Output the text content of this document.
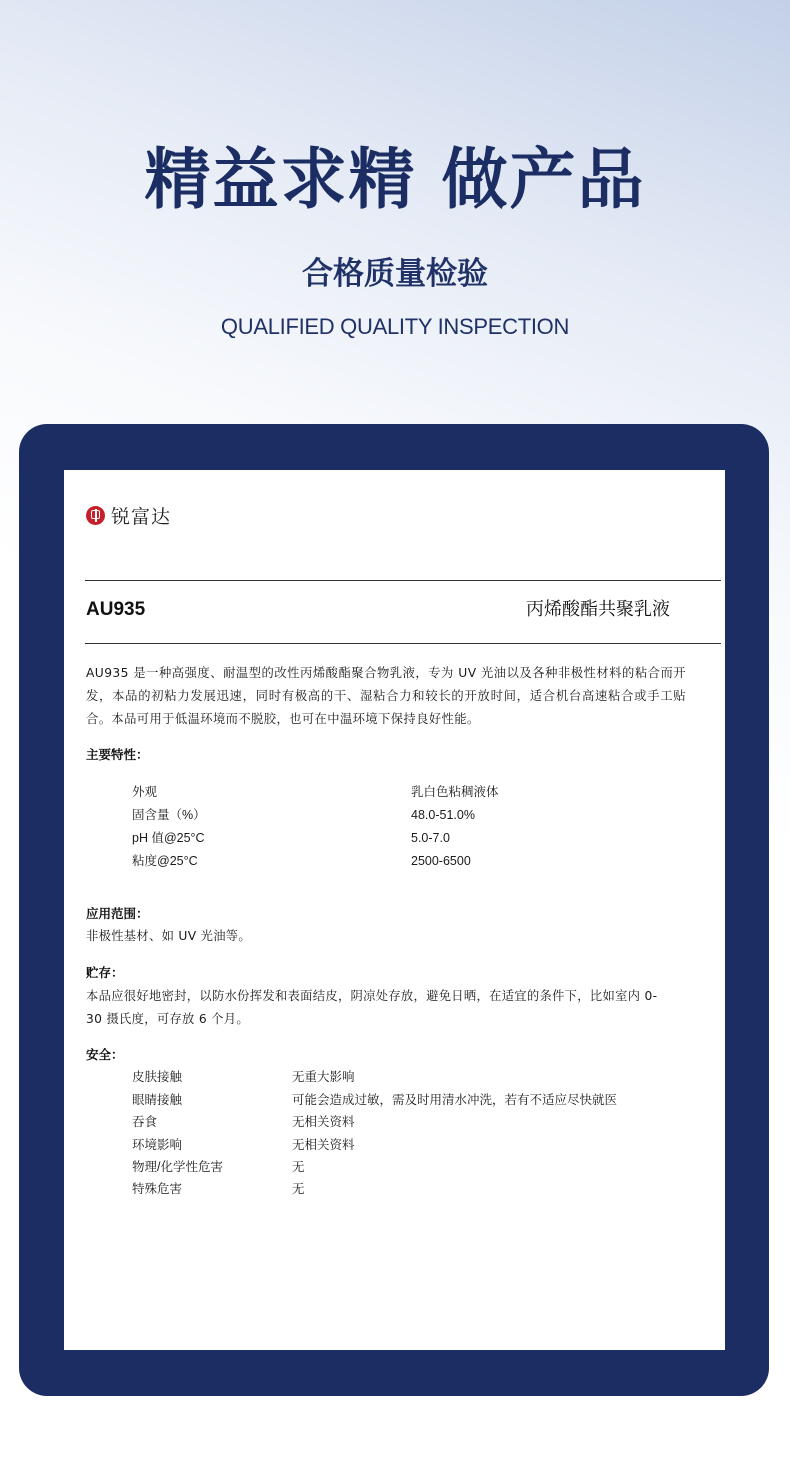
精益求精 做产品
合格质量检验
QUALIFIED QUALITY INSPECTION
锐富达
AU935	丙烯酸酯共聚乳液

AU935 是一种高强度、耐温型的改性丙烯酸酯聚合物乳液，专为 UV 光油以及各种非极性材料的粘合而开发，本品的初粘力发展迅速，同时有极高的干、湿粘合力和较长的开放时间，适合机台高速粘合或手工贴合。本品可用于低温环境而不脱胶，也可在中温环境下保持良好性能。

主要特性：
外观	乳白色粘稠液体
固含量（%）	48.0-51.0%
pH 值@25°C	5.0-7.0
粘度@25°C	2500-6500
应用范围：

非极性基材、如 UV 光油等。

贮存：

本品应很好地密封，以防水份挥发和表面结皮，阴凉处存放，避免日晒，在适宜的条件下，比如室内 0-30 摄氏度，可存放 6 个月。

安全：
皮肤接触	无重大影响
眼睛接触	可能会造成过敏，需及时用清水冲洗，若有不适应尽快就医
吞食	无相关资料
环境影响	无相关资料
物理/化学性危害	无
特殊危害	无
